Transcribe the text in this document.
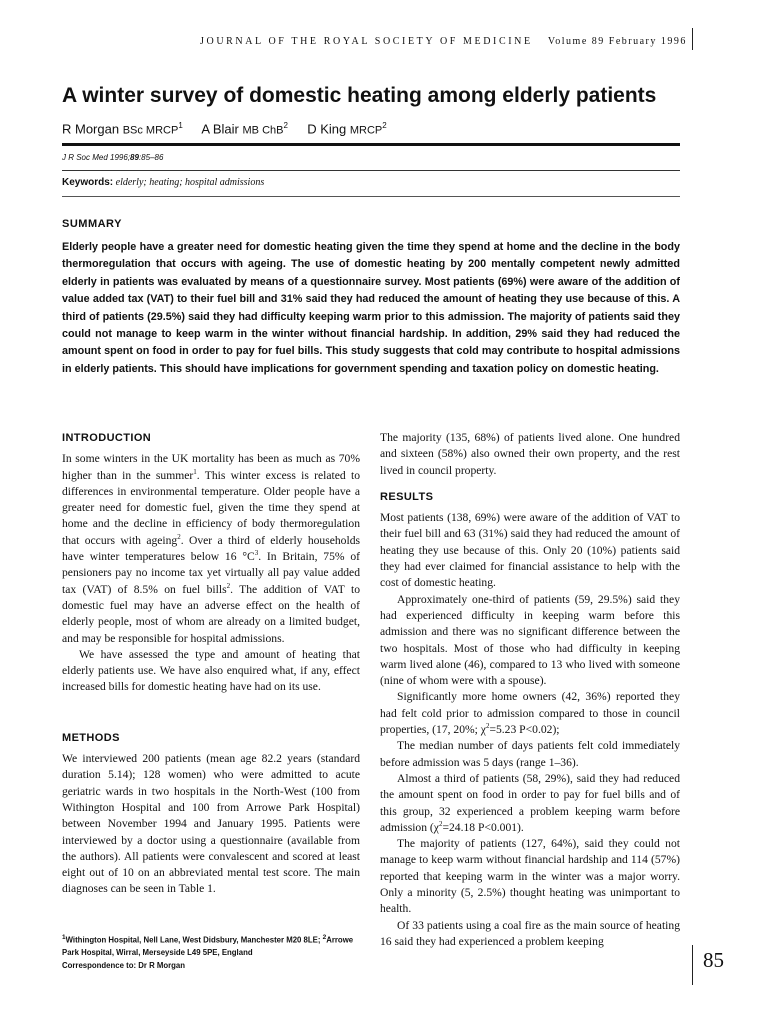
JOURNAL OF THE ROYAL SOCIETY OF MEDICINE Volume 89 February 1996
A winter survey of domestic heating among elderly patients
R Morgan BSc MRCP$^1$ A Blair MB ChB$^2$ D King MRCP$^2$
J R Soc Med 1996;89:85–86
Keywords: elderly; heating; hospital admissions
SUMMARY

Elderly people have a greater need for domestic heating given the time they spend at home and the decline in the body thermoregulation that occurs with ageing. The use of domestic heating by 200 mentally competent newly admitted elderly in patients was evaluated by means of a questionnaire survey. Most patients (69%) were aware of the addition of value added tax (VAT) to their fuel bill and 31% said they had reduced the amount of heating they use because of this. A third of patients (29.5%) said they had difficulty keeping warm prior to this admission. The majority of patients said they could not manage to keep warm in the winter without financial hardship. In addition, 29% said they had reduced the amount spent on food in order to pay for fuel bills. This study suggests that cold may contribute to hospital admissions in elderly patients. This should have implications for government spending and taxation policy on domestic heating.

INTRODUCTION

In some winters in the UK mortality has been as much as 70% higher than in the summer$^1$. This winter excess is related to differences in environmental temperature. Older people have a greater need for domestic fuel, given the time they spend at home and the decline in efficiency of body thermoregulation that occurs with ageing$^2$. Over a third of elderly households have winter temperatures below 16 $^\circ C^3$. In Britain, 75% of pensioners pay no income tax yet virtually all pay value added tax (VAT) of 8.5% on fuel bills$^2$. The addition of VAT to domestic fuel may have an adverse effect on the health of elderly people, most of whom are already on a limited budget, and may be responsible for hospital admissions.

We have assessed the type and amount of heating that elderly patients use. We have also enquired what, if any, effect increased bills for domestic heating have had on its use.

METHODS

We interviewed 200 patients (mean age 82.2 years (standard duration 5.14); 128 women) who were admitted to acute geriatric wards in two hospitals in the North-West (100 from Withington Hospital and 100 from Arrowe Park Hospital) between November 1994 and January 1995. Patients were interviewed by a doctor using a questionnaire (available from the authors). All patients were convalescent and scored at least eight out of 10 on an abbreviated mental test score. The main diagnoses can be seen in Table 1.

$^1$Withington Hospital, Nell Lane, West Didsbury, Manchester M20 8LE; $^2$Arrowe Park Hospital, Wirral, Merseyside L49 5PE, England

Correspondence to: Dr R Morgan

The majority (135, 68%) of patients lived alone. One hundred and sixteen (58%) also owned their own property, and the rest lived in council property.

RESULTS

Most patients (138, 69%) were aware of the addition of VAT to their fuel bill and 63 (31%) said they had reduced the amount of heating they use because of this. Only 20 (10%) patients said they had ever claimed for financial assistance to help with the cost of domestic heating.

Approximately one-third of patients (59, 29.5%) said they had experienced difficulty in keeping warm before this admission and there was no significant difference between the two hospitals. Most of those who had difficulty in keeping warm lived alone (46), compared to 13 who lived with someone (nine of whom were with a spouse).

Significantly more home owners (42, 36%) reported they had felt cold prior to admission compared to those in council properties, (17, 20%; $\chi^2=5.23$ P<0.02);

The median number of days patients felt cold immediately before admission was 5 days (range 1–36).

Almost a third of patients (58, 29%), said they had reduced the amount spent on food in order to pay for fuel bills and of this group, 32 experienced a problem keeping warm before admission ($\chi^2=24.18$ P<0.001).

The majority of patients (127, 64%), said they could not manage to keep warm without financial hardship and 114 (57%) reported that keeping warm in the winter was a major worry. Only a minority (5, 2.5%) thought heating was unimportant to health.

Of 33 patients using a coal fire as the main source of heating 16 said they had experienced a problem keeping

85
